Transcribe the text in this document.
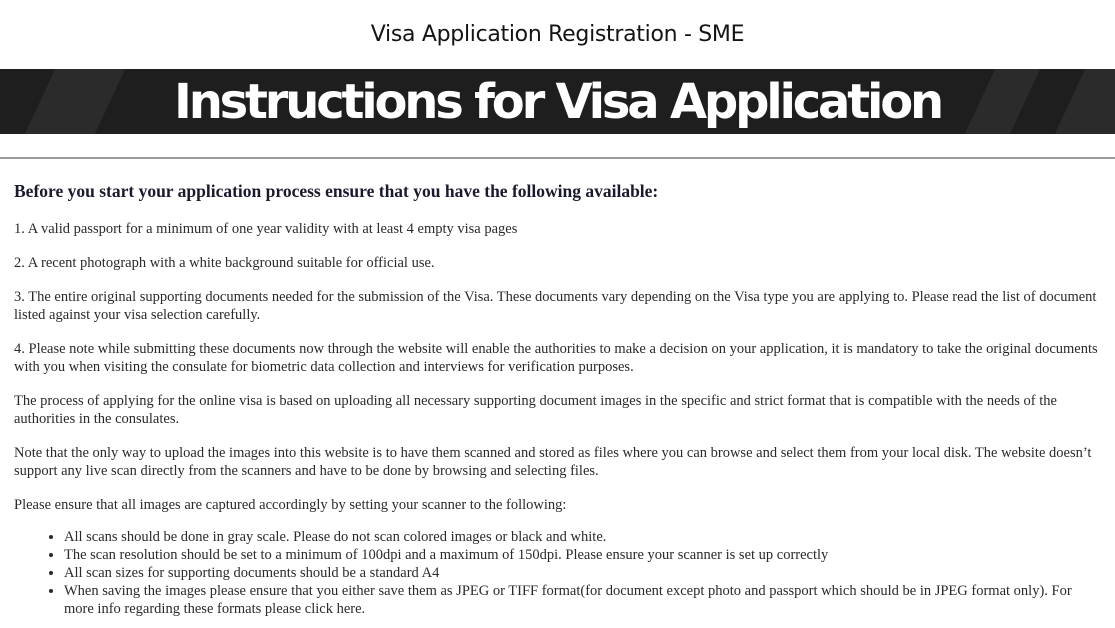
Visa Application Registration - SME
Instructions for Visa Application

Before you start your application process ensure that you have the following available:

1. A valid passport for a minimum of one year validity with at least 4 empty visa pages

2. A recent photograph with a white background suitable for official use.

3. The entire original supporting documents needed for the submission of the Visa. These documents vary depending on the Visa type you are applying to. Please read the list of document listed against your visa selection carefully.

4. Please note while submitting these documents now through the website will enable the authorities to make a decision on your application, it is mandatory to take the original documents with you when visiting the consulate for biometric data collection and interviews for verification purposes.

The process of applying for the online visa is based on uploading all necessary supporting document images in the specific and strict format that is compatible with the needs of the authorities in the consulates.

Note that the only way to upload the images into this website is to have them scanned and stored as files where you can browse and select them from your local disk. The website doesn’t support any live scan directly from the scanners and have to be done by browsing and selecting files.

Please ensure that all images are captured accordingly by setting your scanner to the following:

• All scans should be done in gray scale. Please do not scan colored images or black and white.
• The scan resolution should be set to a minimum of 100dpi and a maximum of 150dpi. Please ensure your scanner is set up correctly
• All scan sizes for supporting documents should be a standard A4
• When saving the images please ensure that you either save them as JPEG or TIFF format(for document except photo and passport which should be in JPEG format only). For more info regarding these formats please click here.
